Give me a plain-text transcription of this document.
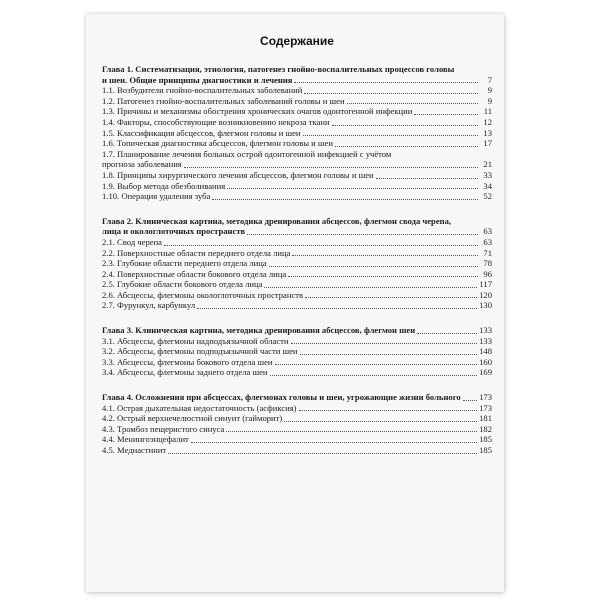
Содержание
Глава 1. Систематизация, этиология, патогенез гнойно-воспалительных процессов головы
и шеи. Общие принципы диагностики и лечения	7
1.1. Возбудители гнойно-воспалительных заболеваний	9
1.2. Патогенез гнойно-воспалительных заболеваний головы и шеи	9
1.3. Причины и механизмы обострения хронических очагов одонтогенной инфекции	11
1.4. Факторы, способствующие возникновению некроза ткани	12
1.5. Классификация абсцессов, флегмон головы и шеи	13
1.6. Топическая диагностика абсцессов, флегмон головы и шеи	17
1.7. Планирование лечения больных острой одонтогенной инфекцией с учётом
прогноза заболевания	21
1.8. Принципы хирургического лечения абсцессов, флегмон головы и шеи	33
1.9. Выбор метода обезболивания	34
1.10. Операция удаления зуба	52
Глава 2. Клиническая картина, методика дренирования абсцессов, флегмон свода черепа,
лица и окологлоточных пространств	63
2.1. Свод черепа	63
2.2. Поверхностные области переднего отдела лица	71
2.3. Глубокие области переднего отдела лица	78
2.4. Поверхностные области бокового отдела лица	96
2.5. Глубокие области бокового отдела лица	117
2.6. Абсцессы, флегмоны окологлоточных пространств	120
2.7. Фурункул, карбункул	130
Глава 3. Клиническая картина, методика дренирования абсцессов, флегмон шеи	133
3.1. Абсцессы, флегмоны надподъязычной области	133
3.2. Абсцессы, флегмоны подподъязычной части шеи	148
3.3. Абсцессы, флегмоны бокового отдела шеи	160
3.4. Абсцессы, флегмоны заднего отдела шеи	169
Глава 4. Осложнения при абсцессах, флегмонах головы и шеи, угрожающие жизни больного 173
4.1. Острая дыхательная недостаточность (асфиксия)	173
4.2. Острый верхнечелюстной синуит (гайморит)	181
4.3. Тромбоз пещеристого синуса	182
4.4. Менингоэнцефалит	185
4.5. Медиастинит	185
